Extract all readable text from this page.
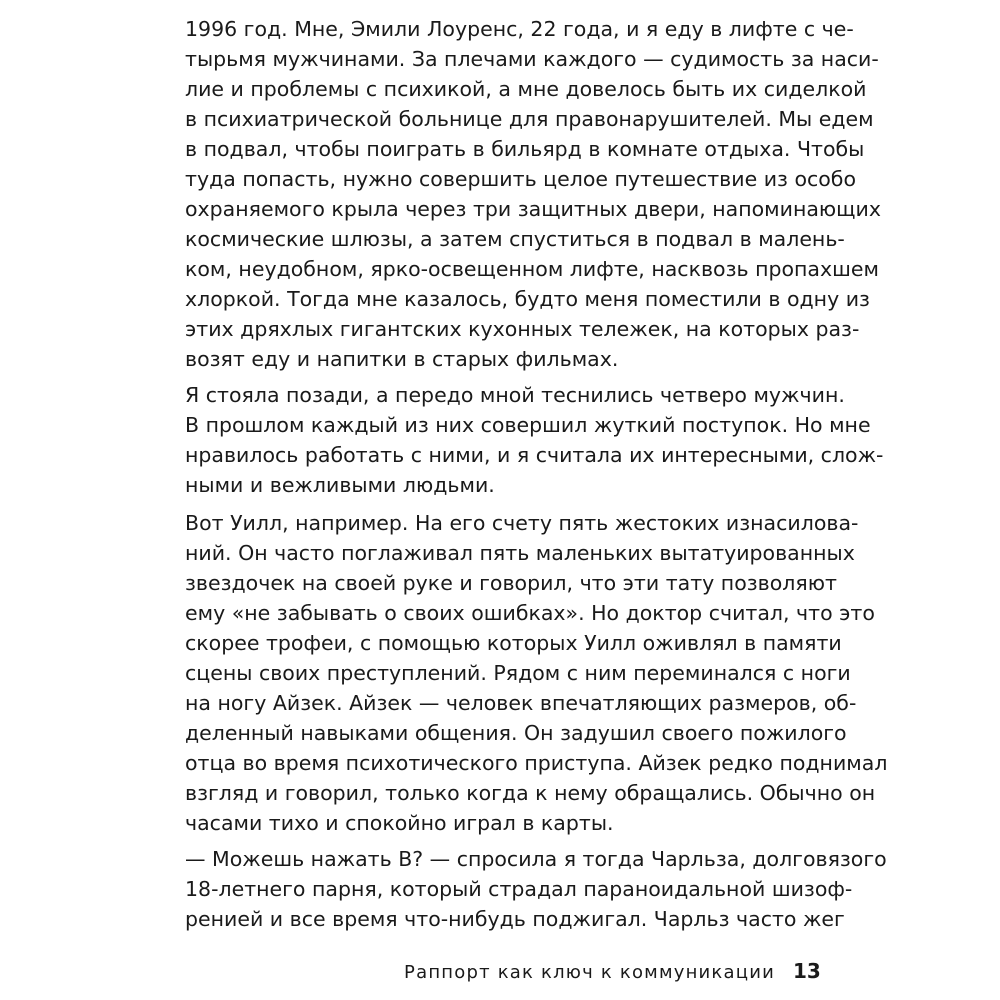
1996 год. Мне, Эмили Лоуренс, 22 года, и я еду в лифте с че-
тырьмя мужчинами. За плечами каждого — судимость за наси-
лие и проблемы с психикой, а мне довелось быть их сиделкой
в психиатрической больнице для правонарушителей. Мы едем
в подвал, чтобы поиграть в бильярд в комнате отдыха. Чтобы
туда попасть, нужно совершить целое путешествие из особо
охраняемого крыла через три защитных двери, напоминающих
космические шлюзы, а затем спуститься в подвал в малень-
ком, неудобном, ярко-освещенном лифте, насквозь пропахшем
хлоркой. Тогда мне казалось, будто меня поместили в одну из
этих дряхлых гигантских кухонных тележек, на которых раз-
возят еду и напитки в старых фильмах.
Я стояла позади, а передо мной теснились четверо мужчин.
В прошлом каждый из них совершил жуткий поступок. Но мне
нравилось работать с ними, и я считала их интересными, слож-
ными и вежливыми людьми.
Вот Уилл, например. На его счету пять жестоких изнасилова-
ний. Он часто поглаживал пять маленьких вытатуированных
звездочек на своей руке и говорил, что эти тату позволяют
ему «не забывать о своих ошибках». Но доктор считал, что это
скорее трофеи, с помощью которых Уилл оживлял в памяти
сцены своих преступлений. Рядом с ним переминался с ноги
на ногу Айзек. Айзек — человек впечатляющих размеров, об-
деленный навыками общения. Он задушил своего пожилого
отца во время психотического приступа. Айзек редко поднимал
взгляд и говорил, только когда к нему обращались. Обычно он
часами тихо и спокойно играл в карты.
— Можешь нажать B? — спросила я тогда Чарльза, долговязого
18-летнего парня, который страдал параноидальной шизоф-
ренией и все время что-нибудь поджигал. Чарльз часто жег
Раппорт как ключ к коммуникации 13
